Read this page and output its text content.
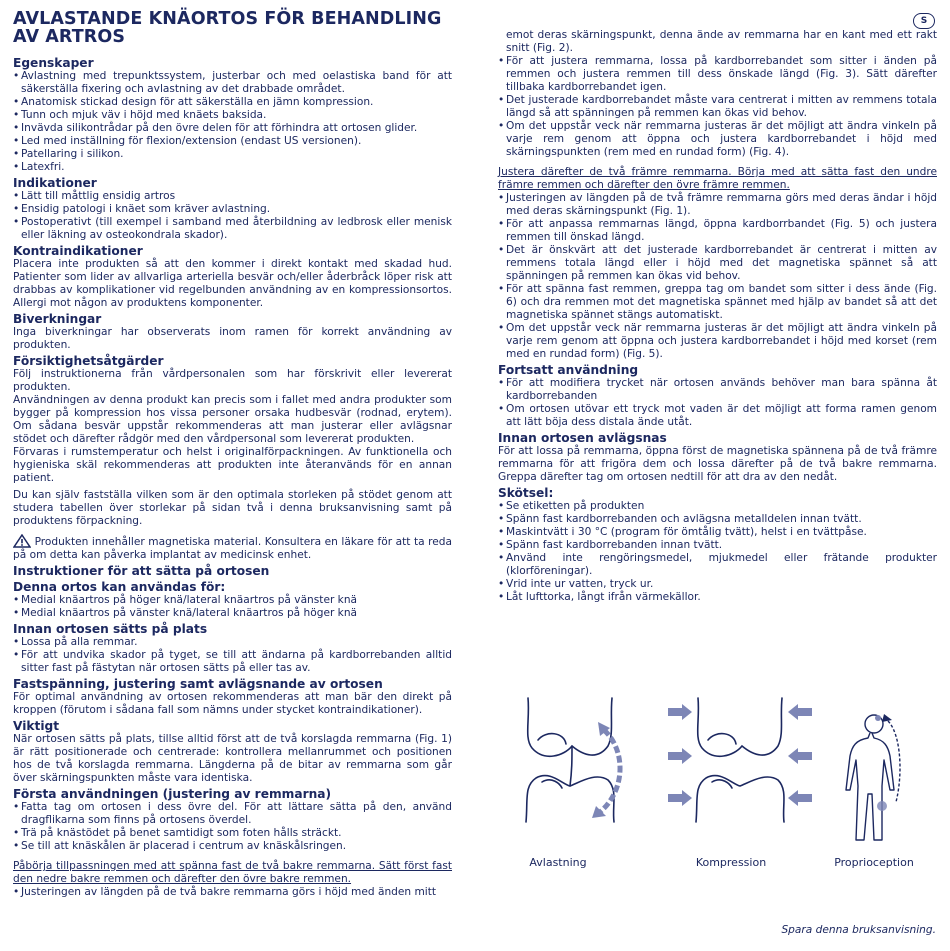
AVLASTANDE KNÄORTOS FÖR BEHANDLING AV ARTROS
S
Egenskaper
• Avlastning med trepunktssystem, justerbar och med oelastiska band för att säkerställa fixering och avlastning av det drabbade området.
• Anatomisk stickad design för att säkerställa en jämn kompression.
• Tunn och mjuk väv i höjd med knäets baksida.
• Invävda silikontrådar på den övre delen för att förhindra att ortosen glider.
• Led med inställning för flexion/extension (endast US versionen).
• Patellaring i silikon.
• Latexfri.
Indikationer
• Lätt till måttlig ensidig artros
• Ensidig patologi i knäet som kräver avlastning.
• Postoperativt (till exempel i samband med återbildning av ledbrosk eller menisk eller läkning av osteokondrala skador).
Kontraindikationer
Placera inte produkten så att den kommer i direkt kontakt med skadad hud. Patienter som lider av allvarliga arteriella besvär och/eller åderbråck löper risk att drabbas av komplikationer vid regelbunden användning av en kompressionsortos. Allergi mot någon av produktens komponenter.
Biverkningar
Inga biverkningar har observerats inom ramen för korrekt användning av produkten.
Försiktighetsåtgärder
Följ instruktionerna från vårdpersonalen som har förskrivit eller levererat produkten.
Användningen av denna produkt kan precis som i fallet med andra produkter som bygger på kompression hos vissa personer orsaka hudbesvär (rodnad, erytem). Om sådana besvär uppstår rekommenderas att man justerar eller avlägsnar stödet och därefter rådgör med den vårdpersonal som levererat produkten.
Förvaras i rumstemperatur och helst i originalförpackningen. Av funktionella och hygieniska skäl rekommenderas att produkten inte återanvänds för en annan patient.
Du kan själv fastställa vilken som är den optimala storleken på stödet genom att studera tabellen över storlekar på sidan två i denna bruksanvisning samt på produktens förpackning.
Produkten innehåller magnetiska material. Konsultera en läkare för att ta reda på om detta kan påverka implantat av medicinsk enhet.
Instruktioner för att sätta på ortosen
Denna ortos kan användas för:
• Medial knäartros på höger knä/lateral knäartros på vänster knä
• Medial knäartros på vänster knä/lateral knäartros på höger knä
Innan ortosen sätts på plats
• Lossa på alla remmar.
• För att undvika skador på tyget, se till att ändarna på kardborrebanden alltid sitter fast på fästytan när ortosen sätts på eller tas av.
Fastspänning, justering samt avlägsnande av ortosen
För optimal användning av ortosen rekommenderas att man bär den direkt på kroppen (förutom i sådana fall som nämns under stycket kontraindikationer).
Viktigt
När ortosen sätts på plats, tillse alltid först att de två korslagda remmarna (Fig. 1) är rätt positionerade och centrerade: kontrollera mellanrummet och positionen hos de två korslagda remmarna. Längderna på de bitar av remmarna som går över skärningspunkten måste vara identiska.
Första användningen (justering av remmarna)
• Fatta tag om ortosen i dess övre del. För att lättare sätta på den, använd dragflikarna som finns på ortosens överdel.
• Trä på knästödet på benet samtidigt som foten hålls sträckt.
• Se till att knäskålen är placerad i centrum av knäskålsringen.
Påbörja tillpassningen med att spänna fast de två bakre remmarna. Sätt först fast den nedre bakre remmen och därefter den övre bakre remmen.
• Justeringen av längden på de två bakre remmarna görs i höjd med änden mitt
emot deras skärningspunkt, denna ände av remmarna har en kant med ett rakt snitt (Fig. 2).
• För att justera remmarna, lossa på kardborrebandet som sitter i änden på remmen och justera remmen till dess önskade längd (Fig. 3). Sätt därefter tillbaka kardborrebandet igen.
• Det justerade kardborrebandet måste vara centrerat i mitten av remmens totala längd så att spänningen på remmen kan ökas vid behov.
• Om det uppstår veck när remmarna justeras är det möjligt att ändra vinkeln på varje rem genom att öppna och justera kardborrebandet i höjd med skärningspunkten (rem med en rundad form) (Fig. 4).
Justera därefter de två främre remmarna. Börja med att sätta fast den undre främre remmen och därefter den övre främre remmen.
• Justeringen av längden på de två främre remmarna görs med deras ändar i höjd med deras skärningspunkt (Fig. 1).
• För att anpassa remmarnas längd, öppna kardborrbandet (Fig. 5) och justera remmen till önskad längd.
• Det är önskvärt att det justerade kardborrebandet är centrerat i mitten av remmens totala längd eller i höjd med det magnetiska spännet så att spänningen på remmen kan ökas vid behov.
• För att spänna fast remmen, greppa tag om bandet som sitter i dess ände (Fig. 6) och dra remmen mot det magnetiska spännet med hjälp av bandet så att det magnetiska spännet stängs automatiskt.
• Om det uppstår veck när remmarna justeras är det möjligt att ändra vinkeln på varje rem genom att öppna och justera kardborrebandet i höjd med korset (rem med en rundad form) (Fig. 5).
Fortsatt användning
• För att modifiera trycket när ortosen används behöver man bara spänna åt kardborrebanden
• Om ortosen utövar ett tryck mot vaden är det möjligt att forma ramen genom att lätt böja dess distala ände utåt.
Innan ortosen avlägsnas
För att lossa på remmarna, öppna först de magnetiska spännena på de två främre remmarna för att frigöra dem och lossa därefter på de två bakre remmarna. Greppa därefter tag om ortosen nedtill för att dra av den nedåt.
Skötsel:
• Se etiketten på produkten
• Spänn fast kardborrebanden och avlägsna metalldelen innan tvätt.
• Maskintvätt i 30 °C (program för ömtålig tvätt), helst i en tvättpåse.
• Spänn fast kardborrebanden innan tvätt.
• Använd inte rengöringsmedel, mjukmedel eller frätande produkter (klorföreningar).
• Vrid inte ur vatten, tryck ur.
• Låt lufttorka, långt ifrån värmekällor.
Avlastning	Kompression	Proprioception
Spara denna bruksanvisning.
